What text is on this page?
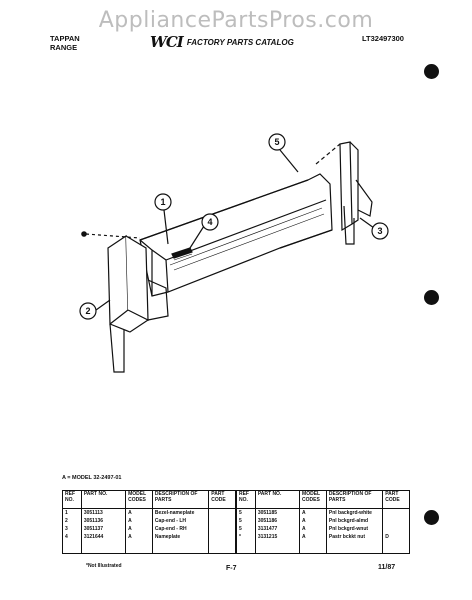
AppliancePartsPros.com
TAPPAN
RANGE	WCI FACTORY PARTS CATALOG	LT32497300
1
2
3
4
5
A = MODEL 32-2497-01
REF NO.	PART NO.	MODEL CODES	DESCRIPTION OF PARTS	PART CODE	REF NO.	PART NO.	MODEL CODES	DESCRIPTION OF PARTS	PART CODE
1	3051113	A	Bezel-nameplate		5	3051185	A	Pnl backgrd-white	
2	3051136	A	Cap-end - LH		5	3051186	A	Pnl bckgrd-almd	
3	3051137	A	Cap-end - RH		5	3131477	A	Pnl bckgrd-wnut	
4	3121644	A	Nameplate		*	3131215	A	Pastr bckkt nut	D

*Not Illustrated	F-7	11/87
